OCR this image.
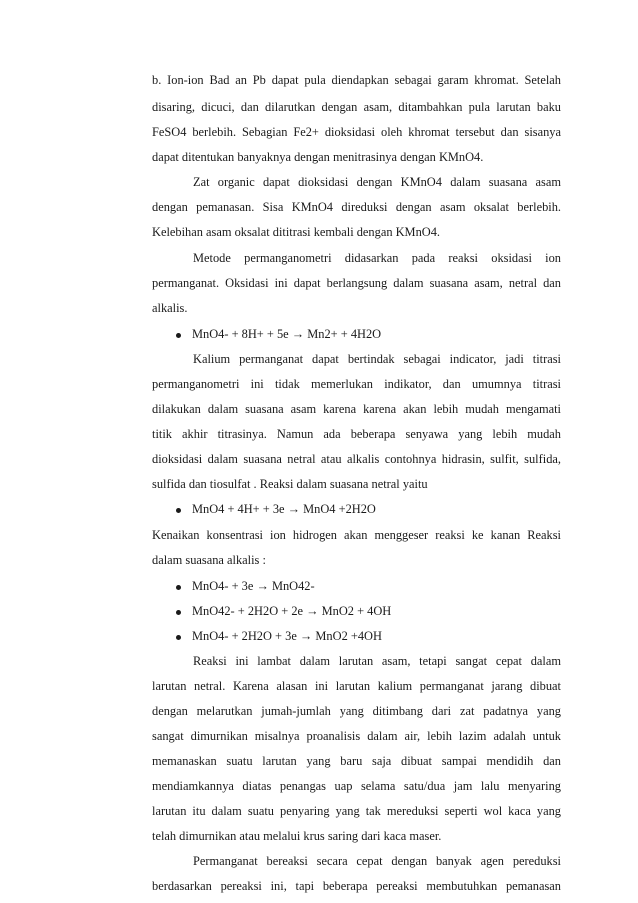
b. Ion-ion Bad an Pb dapat pula diendapkan sebagai garam khromat. Setelah
disaring, dicuci, dan dilarutkan dengan asam, ditambahkan pula larutan baku
FeSO4 berlebih. Sebagian Fe2+ dioksidasi oleh khromat tersebut dan sisanya
dapat ditentukan banyaknya dengan menitrasinya dengan KMnO4.
Zat organic dapat dioksidasi dengan KMnO4 dalam suasana asam
dengan pemanasan. Sisa KMnO4 direduksi dengan asam oksalat berlebih.
Kelebihan asam oksalat dititrasi kembali dengan KMnO4.
Metode permanganometri didasarkan pada reaksi oksidasi ion
permanganat. Oksidasi ini dapat berlangsung dalam suasana asam, netral dan
alkalis.
MnO4- + 8H+ + 5e → Mn2+ + 4H2O
Kalium permanganat dapat bertindak sebagai indicator, jadi titrasi
permanganometri ini tidak memerlukan indikator, dan umumnya titrasi
dilakukan dalam suasana asam karena karena akan lebih mudah mengamati
titik akhir titrasinya. Namun ada beberapa senyawa yang lebih mudah
dioksidasi dalam suasana netral atau alkalis contohnya hidrasin, sulfit, sulfida,
sulfida dan tiosulfat . Reaksi dalam suasana netral yaitu
MnO4 + 4H+ + 3e → MnO4 +2H2O
Kenaikan konsentrasi ion hidrogen akan menggeser reaksi ke kanan Reaksi
dalam suasana alkalis :
MnO4- + 3e → MnO42-
MnO42- + 2H2O + 2e → MnO2 + 4OH
MnO4- + 2H2O + 3e → MnO2 +4OH
Reaksi ini lambat dalam larutan asam, tetapi sangat cepat dalam
larutan netral. Karena alasan ini larutan kalium permanganat jarang dibuat
dengan melarutkan jumah-jumlah yang ditimbang dari zat padatnya yang
sangat dimurnikan misalnya proanalisis dalam air, lebih lazim adalah untuk
memanaskan suatu larutan yang baru saja dibuat sampai mendidih dan
mendiamkannya diatas penangas uap selama satu/dua jam lalu menyaring
larutan itu dalam suatu penyaring yang tak mereduksi seperti wol kaca yang
telah dimurnikan atau melalui krus saring dari kaca maser.
Permanganat bereaksi secara cepat dengan banyak agen pereduksi
berdasarkan pereaksi ini, tapi beberapa pereaksi membutuhkan pemanasan
